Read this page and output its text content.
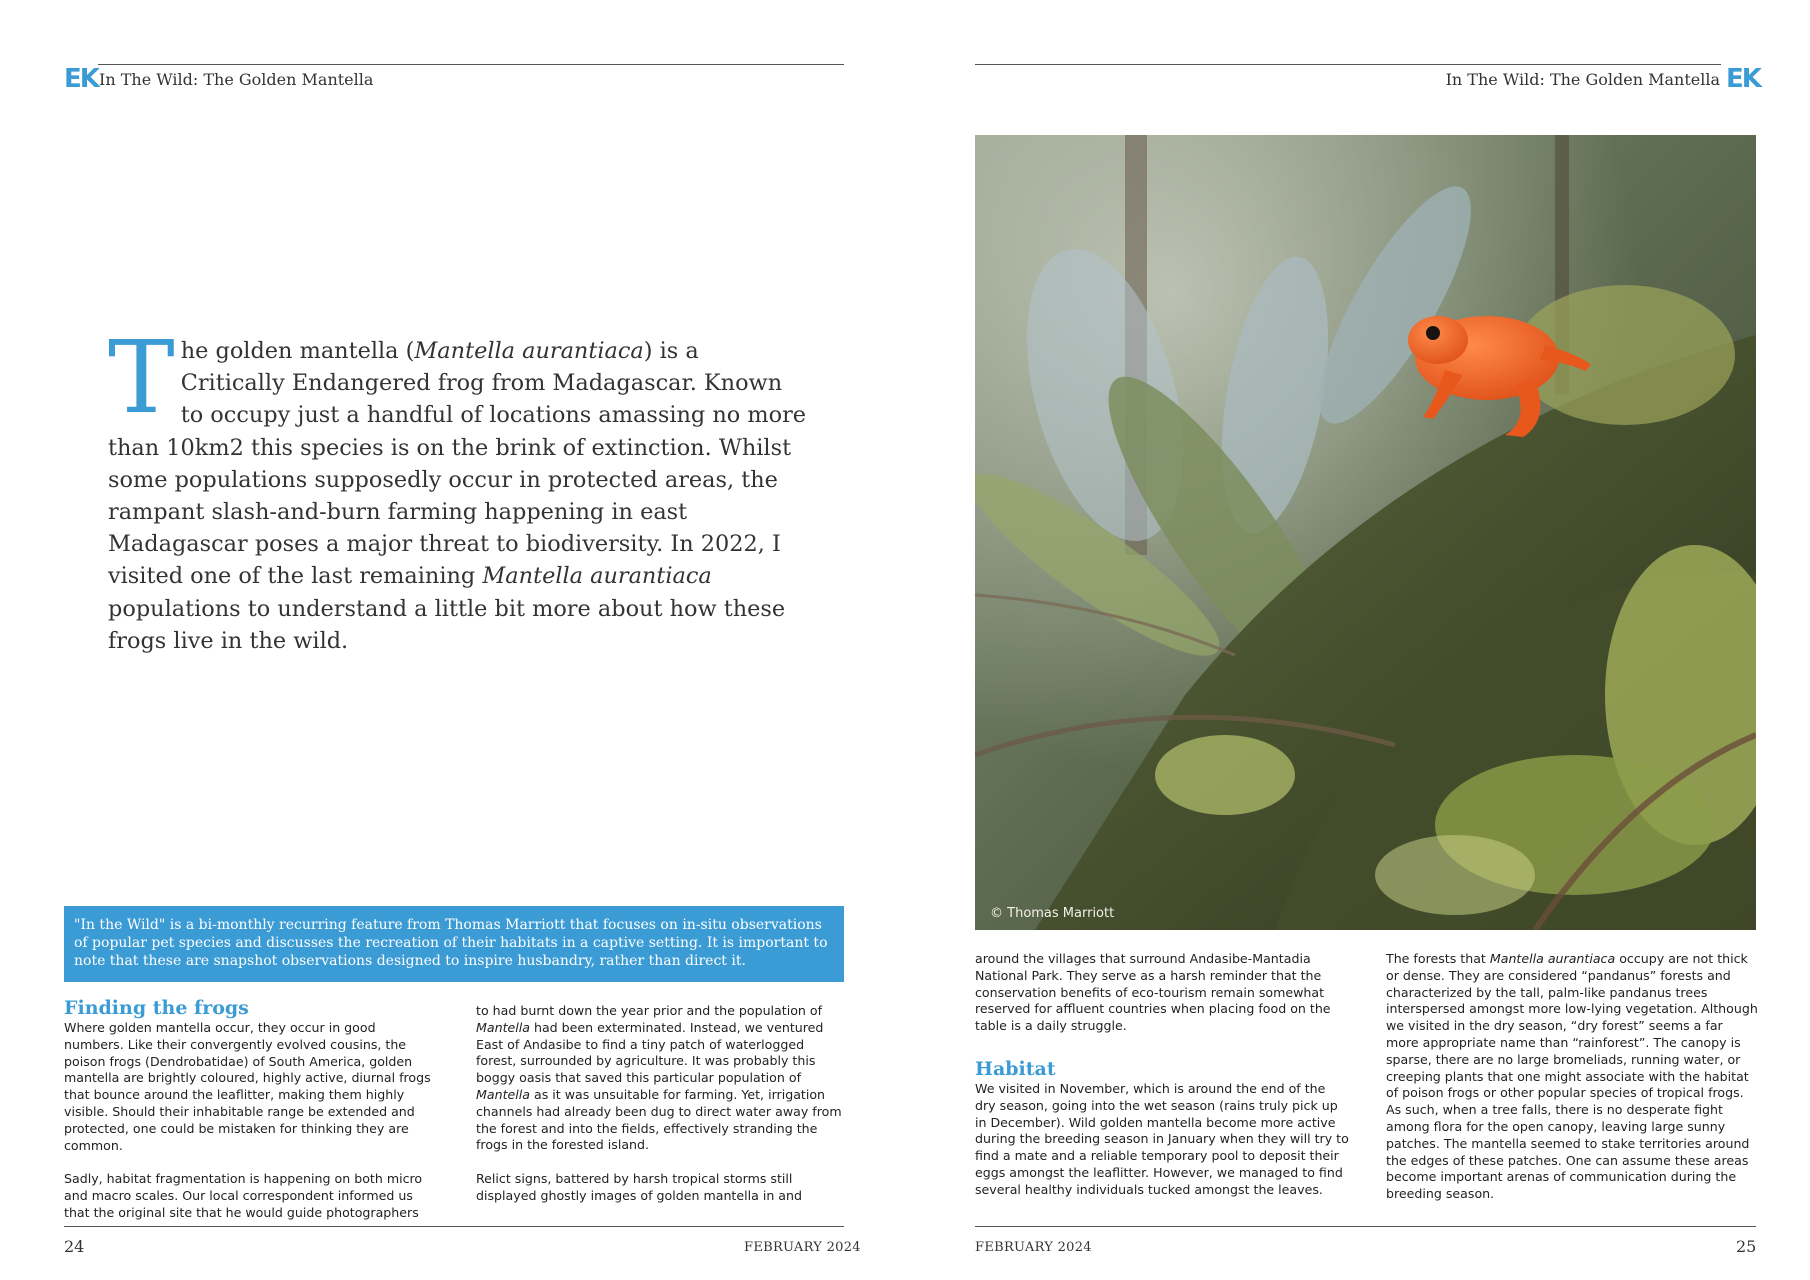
EK In The Wild: The Golden Mantella
T he golden mantella (Mantella aurantiaca) is a Critically Endangered frog from Madagascar. Known to occupy just a handful of locations amassing no more than 10km2 this species is on the brink of extinction. Whilst some populations supposedly occur in protected areas, the rampant slash-and-burn farming happening in east Madagascar poses a major threat to biodiversity. In 2022, I visited one of the last remaining Mantella aurantiaca populations to understand a little bit more about how these frogs live in the wild.

"In the Wild" is a bi-monthly recurring feature from Thomas Marriott that focuses on in-situ observations of popular pet species and discusses the recreation of their habitats in a captive setting. It is important to note that these are snapshot observations designed to inspire husbandry, rather than direct it.
Finding the frogs

Where golden mantella occur, they occur in good numbers. Like their convergently evolved cousins, the poison frogs (Dendrobatidae) of South America, golden mantella are brightly coloured, highly active, diurnal frogs that bounce around the leaflitter, making them highly visible. Should their inhabitable range be extended and protected, one could be mistaken for thinking they are common.

Sadly, habitat fragmentation is happening on both micro and macro scales. Our local correspondent informed us that the original site that he would guide photographers

to had burnt down the year prior and the population of Mantella had been exterminated. Instead, we ventured East of Andasibe to find a tiny patch of waterlogged forest, surrounded by agriculture. It was probably this boggy oasis that saved this particular population of Mantella as it was unsuitable for farming. Yet, irrigation channels had already been dug to direct water away from the forest and into the fields, effectively stranding the frogs in the forested island.

Relict signs, battered by harsh tropical storms still displayed ghostly images of golden mantella in and

24	FEBRUARY 2024
In The Wild: The Golden Mantella EK
© Thomas Marriott

around the villages that surround Andasibe-Mantadia National Park. They serve as a harsh reminder that the conservation benefits of eco-tourism remain somewhat reserved for affluent countries when placing food on the table is a daily struggle.

Habitat

We visited in November, which is around the end of the dry season, going into the wet season (rains truly pick up in December). Wild golden mantella become more active during the breeding season in January when they will try to find a mate and a reliable temporary pool to deposit their eggs amongst the leaflitter. However, we managed to find several healthy individuals tucked amongst the leaves.

The forests that Mantella aurantiaca occupy are not thick or dense. They are considered “pandanus” forests and characterized by the tall, palm-like pandanus trees interspersed amongst more low-lying vegetation. Although we visited in the dry season, “dry forest” seems a far more appropriate name than “rainforest”. The canopy is sparse, there are no large bromeliads, running water, or creeping plants that one might associate with the habitat of poison frogs or other popular species of tropical frogs. As such, when a tree falls, there is no desperate fight among flora for the open canopy, leaving large sunny patches. The mantella seemed to stake territories around the edges of these patches. One can assume these areas become important arenas of communication during the breeding season.

FEBRUARY 2024	25
